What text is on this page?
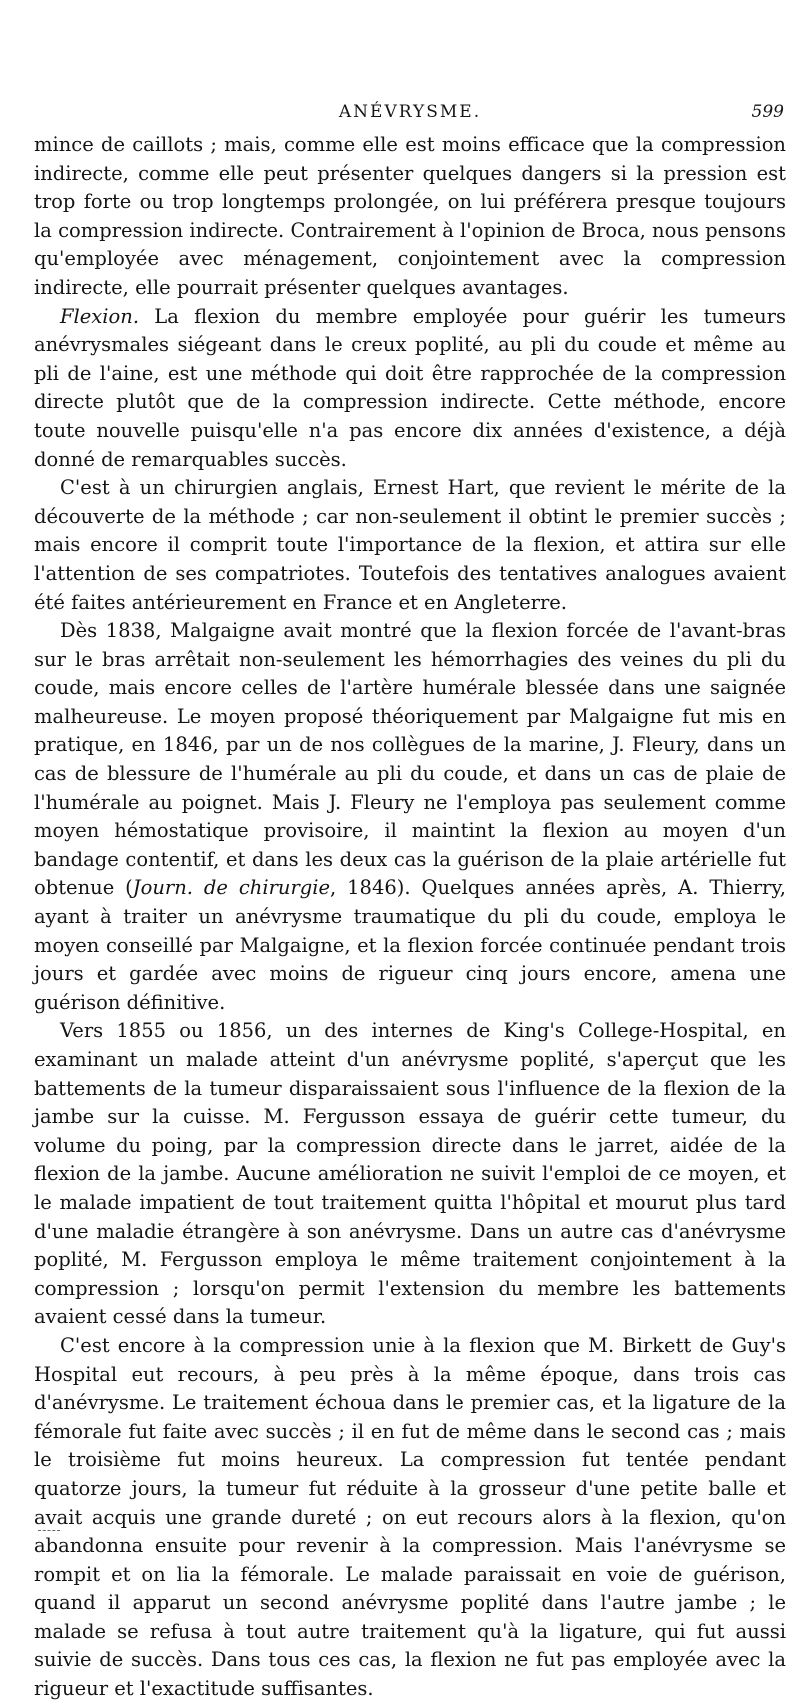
ANÉVRYSME.	599

mince de caillots ; mais, comme elle est moins efficace que la compression indirecte, comme elle peut présenter quelques dangers si la pression est trop forte ou trop longtemps prolongée, on lui préférera presque toujours la compression indirecte. Contrairement à l'opinion de Broca, nous pensons qu'employée avec ménagement, conjointement avec la compression indirecte, elle pourrait présenter quelques avantages.

Flexion. La flexion du membre employée pour guérir les tumeurs anévrysmales siégeant dans le creux poplité, au pli du coude et même au pli de l'aine, est une méthode qui doit être rapprochée de la compression directe plutôt que de la compression indirecte. Cette méthode, encore toute nouvelle puisqu'elle n'a pas encore dix années d'existence, a déjà donné de remarquables succès.

C'est à un chirurgien anglais, Ernest Hart, que revient le mérite de la découverte de la méthode ; car non-seulement il obtint le premier succès ; mais encore il comprit toute l'importance de la flexion, et attira sur elle l'attention de ses compatriotes. Toutefois des tentatives analogues avaient été faites antérieurement en France et en Angleterre.

Dès 1838, Malgaigne avait montré que la flexion forcée de l'avant-bras sur le bras arrêtait non-seulement les hémorrhagies des veines du pli du coude, mais encore celles de l'artère humérale blessée dans une saignée malheureuse. Le moyen proposé théoriquement par Malgaigne fut mis en pratique, en 1846, par un de nos collègues de la marine, J. Fleury, dans un cas de blessure de l'humérale au pli du coude, et dans un cas de plaie de l'humérale au poignet. Mais J. Fleury ne l'employa pas seulement comme moyen hémostatique provisoire, il maintint la flexion au moyen d'un bandage contentif, et dans les deux cas la guérison de la plaie artérielle fut obtenue (Journ. de chirurgie, 1846). Quelques années après, A. Thierry, ayant à traiter un anévrysme traumatique du pli du coude, employa le moyen conseillé par Malgaigne, et la flexion forcée continuée pendant trois jours et gardée avec moins de rigueur cinq jours encore, amena une guérison définitive.

Vers 1855 ou 1856, un des internes de King's College-Hospital, en examinant un malade atteint d'un anévrysme poplité, s'aperçut que les battements de la tumeur disparaissaient sous l'influence de la flexion de la jambe sur la cuisse. M. Fergusson essaya de guérir cette tumeur, du volume du poing, par la compression directe dans le jarret, aidée de la flexion de la jambe. Aucune amélioration ne suivit l'emploi de ce moyen, et le malade impatient de tout traitement quitta l'hôpital et mourut plus tard d'une maladie étrangère à son anévrysme. Dans un autre cas d'anévrysme poplité, M. Fergusson employa le même traitement conjointement à la compression ; lorsqu'on permit l'extension du membre les battements avaient cessé dans la tumeur.

C'est encore à la compression unie à la flexion que M. Birkett de Guy's Hospital eut recours, à peu près à la même époque, dans trois cas d'anévrysme. Le traitement échoua dans le premier cas, et la ligature de la fémorale fut faite avec succès ; il en fut de même dans le second cas ; mais le troisième fut moins heureux. La compression fut tentée pendant quatorze jours, la tumeur fut réduite à la grosseur d'une petite balle et avait acquis une grande dureté ; on eut recours alors à la flexion, qu'on abandonna ensuite pour revenir à la compression. Mais l'anévrysme se rompit et on lia la fémorale. Le malade paraissait en voie de guérison, quand il apparut un second anévrysme poplité dans l'autre jambe ; le malade se refusa à tout autre traitement qu'à la ligature, qui fut aussi suivie de succès. Dans tous ces cas, la flexion ne fut pas employée avec la rigueur et l'exactitude suffisantes.
